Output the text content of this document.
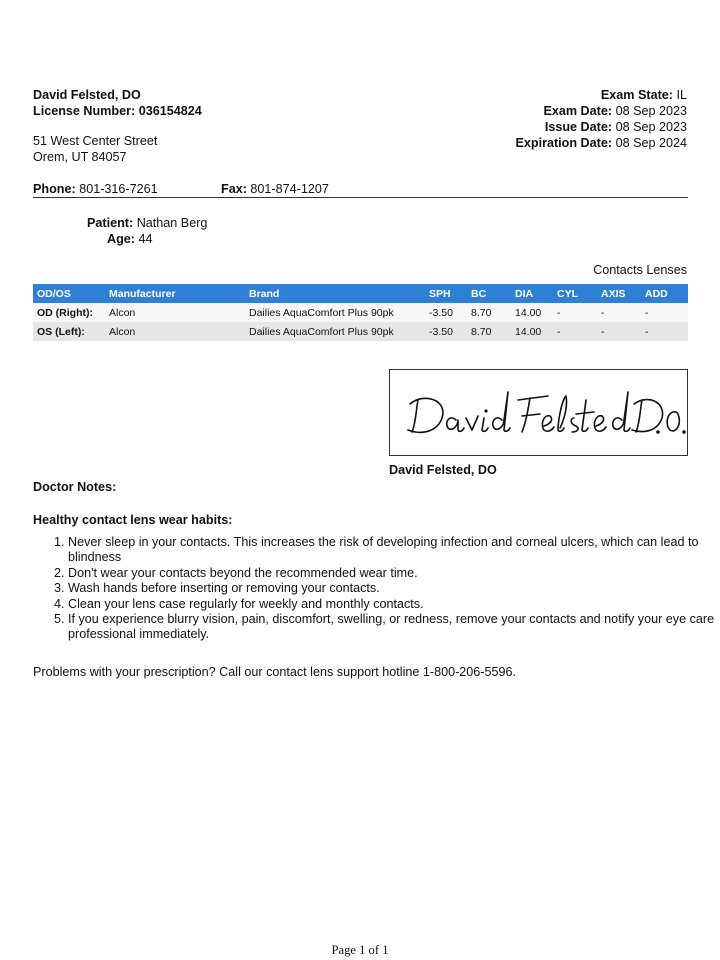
David Felsted, DO
License Number: 036154824
51 West Center Street
Orem, UT 84057
Exam State: IL
Exam Date: 08 Sep 2023
Issue Date: 08 Sep 2023
Expiration Date: 08 Sep 2024
Phone: 801-316-7261	Fax: 801-874-1207
Patient: Nathan Berg
Age: 44
Contacts Lenses
OD/OS	Manufacturer	Brand	SPH	BC	DIA	CYL	AXIS	ADD
OD (Right):	Alcon	Dailies AquaComfort Plus 90pk	-3.50	8.70	14.00	-	-	-
OS (Left):	Alcon	Dailies AquaComfort Plus 90pk	-3.50	8.70	14.00	-	-	-
David Felsted, DO
Doctor Notes:
Healthy contact lens wear habits:
1. Never sleep in your contacts. This increases the risk of developing infection and corneal ulcers, which can lead to blindness
2. Don't wear your contacts beyond the recommended wear time.
3. Wash hands before inserting or removing your contacts.
4. Clean your lens case regularly for weekly and monthly contacts.
5. If you experience blurry vision, pain, discomfort, swelling, or redness, remove your contacts and notify your eye care professional immediately.
Problems with your prescription? Call our contact lens support hotline 1-800-206-5596.
Page 1 of 1
